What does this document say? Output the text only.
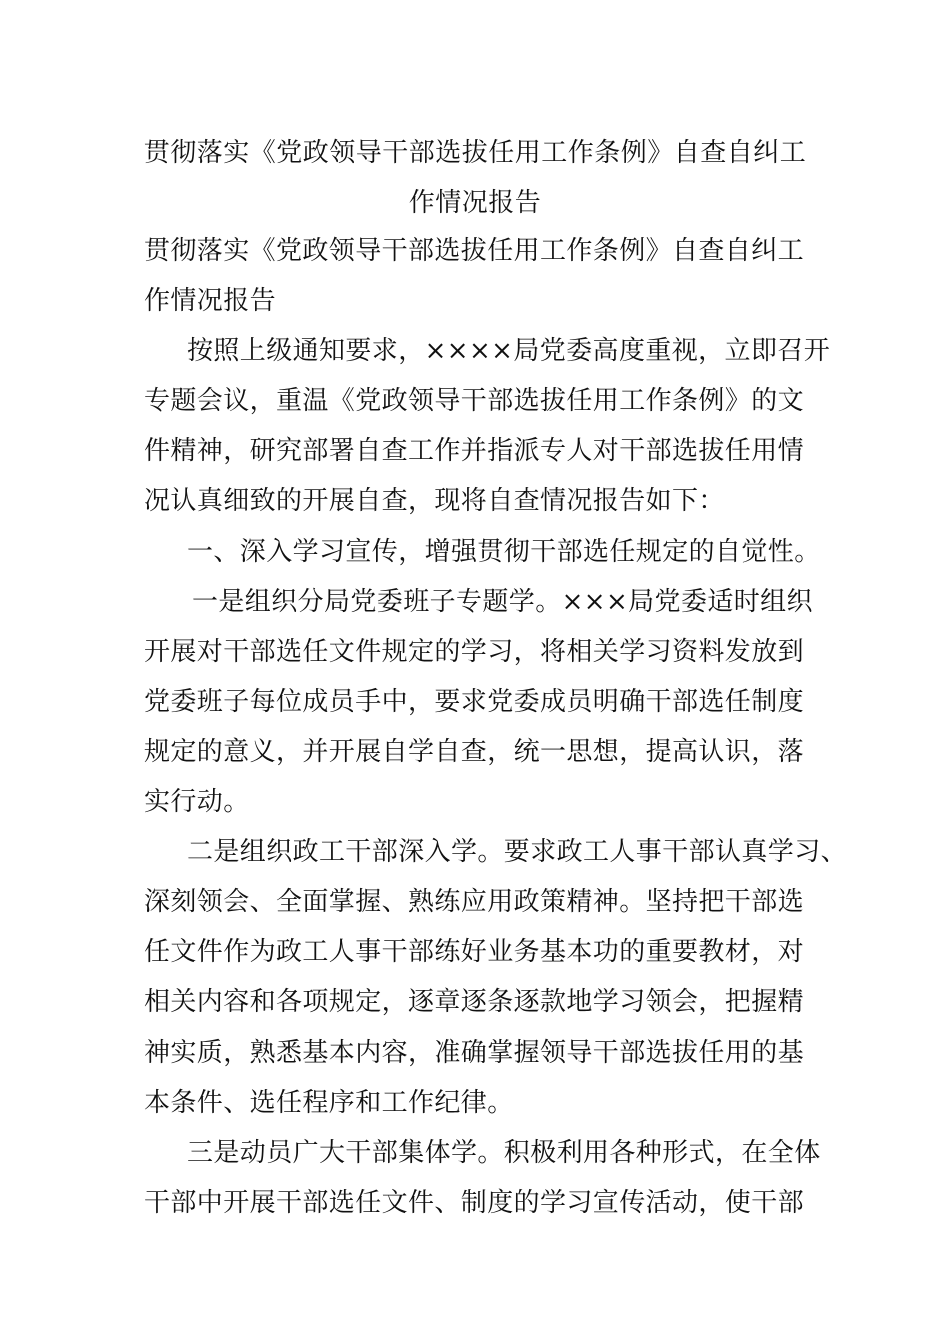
贯彻落实《党政领导干部选拔任用工作条例》自查自纠工
作情况报告
贯彻落实《党政领导干部选拔任用工作条例》自查自纠工
作情况报告
按照上级通知要求，××××局党委高度重视，立即召开
专题会议，重温《党政领导干部选拔任用工作条例》的文
件精神，研究部署自查工作并指派专人对干部选拔任用情
况认真细致的开展自查，现将自查情况报告如下：
一、深入学习宣传，增强贯彻干部选任规定的自觉性。
一是组织分局党委班子专题学。×××局党委适时组织
开展对干部选任文件规定的学习，将相关学习资料发放到
党委班子每位成员手中，要求党委成员明确干部选任制度
规定的意义，并开展自学自查，统一思想，提高认识，落
实行动。
二是组织政工干部深入学。要求政工人事干部认真学习、
深刻领会、全面掌握、熟练应用政策精神。坚持把干部选
任文件作为政工人事干部练好业务基本功的重要教材，对
相关内容和各项规定，逐章逐条逐款地学习领会，把握精
神实质，熟悉基本内容，准确掌握领导干部选拔任用的基
本条件、选任程序和工作纪律。
三是动员广大干部集体学。积极利用各种形式，在全体
干部中开展干部选任文件、制度的学习宣传活动，使干部
